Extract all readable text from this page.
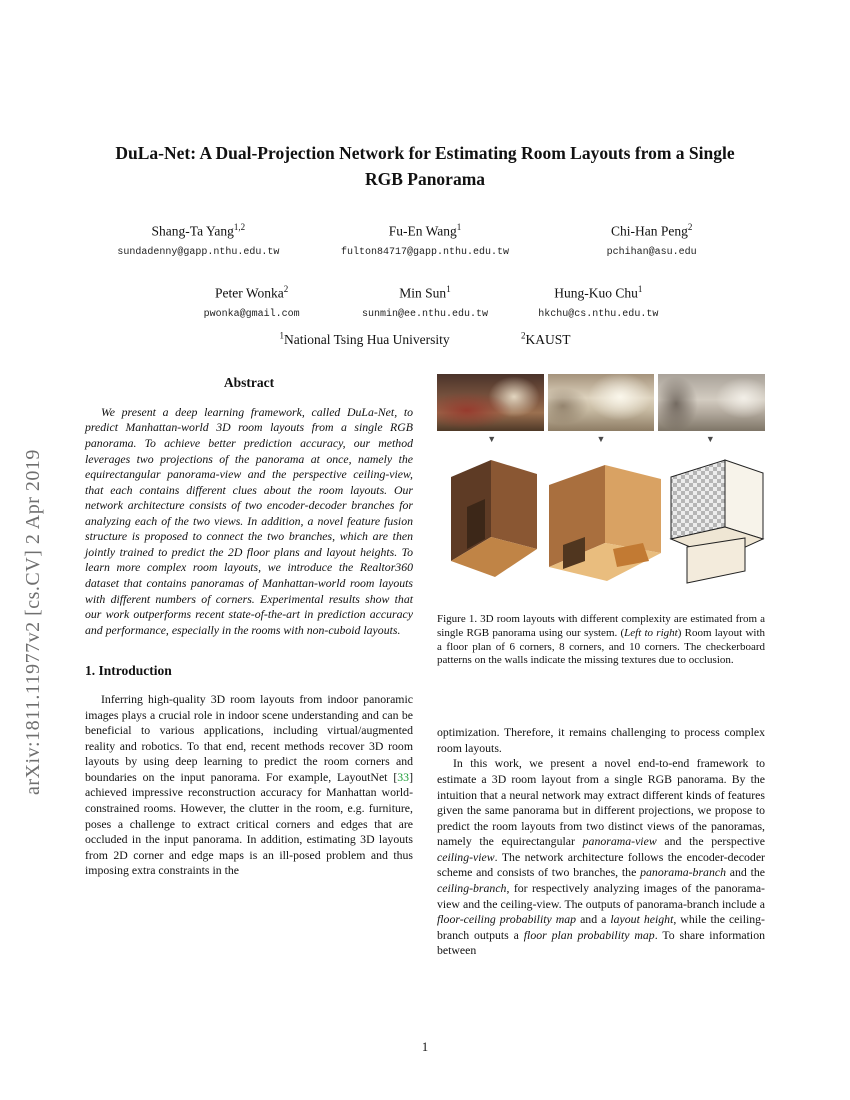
arXiv:1811.11977v2 [cs.CV] 2 Apr 2019
DuLa-Net: A Dual-Projection Network for Estimating Room Layouts from a Single RGB Panorama
Shang-Ta Yang$^{1,2}$
sundadenny@gapp.nthu.edu.tw
Fu-En Wang$^1$
fulton84717@gapp.nthu.edu.tw
Chi-Han Peng$^2$
pchihan@asu.edu
Peter Wonka$^2$
pwonka@gmail.com
Min Sun$^1$
sunmin@ee.nthu.edu.tw
Hung-Kuo Chu$^1$
hkchu@cs.nthu.edu.tw
$^1$National Tsing Hua University	$^2$KAUST
Abstract

We present a deep learning framework, called DuLa-Net, to predict Manhattan-world 3D room layouts from a single RGB panorama. To achieve better prediction accuracy, our method leverages two projections of the panorama at once, namely the equirectangular panorama-view and the perspective ceiling-view, that each contains different clues about the room layouts. Our network architecture consists of two encoder-decoder branches for analyzing each of the two views. In addition, a novel feature fusion structure is proposed to connect the two branches, which are then jointly trained to predict the 2D floor plans and layout heights. To learn more complex room layouts, we introduce the Realtor360 dataset that contains panoramas of Manhattan-world room layouts with different numbers of corners. Experimental results show that our work outperforms recent state-of-the-art in prediction accuracy and performance, especially in the rooms with non-cuboid layouts.

1. Introduction

Inferring high-quality 3D room layouts from indoor panoramic images plays a crucial role in indoor scene understanding and can be beneficial to various applications, including virtual/augmented reality and robotics. To that end, recent methods recover 3D room layouts by using deep learning to predict the room corners and boundaries on the input panorama. For example, LayoutNet [33] achieved impressive reconstruction accuracy for Manhattan world-constrained rooms. However, the clutter in the room, e.g. furniture, poses a challenge to extract critical corners and edges that are occluded in the input panorama. In addition, estimating 3D layouts from 2D corner and edge maps is an ill-posed problem and thus imposing extra constraints in the

▼	▼	▼

Figure 1. 3D room layouts with different complexity are estimated from a single RGB panorama using our system. (Left to right) Room layout with a floor plan of 6 corners, 8 corners, and 10 corners. The checkerboard patterns on the walls indicate the missing textures due to occlusion.

optimization. Therefore, it remains challenging to process complex room layouts.

In this work, we present a novel end-to-end framework to estimate a 3D room layout from a single RGB panorama. By the intuition that a neural network may extract different kinds of features given the same panorama but in different projections, we propose to predict the room layouts from two distinct views of the panoramas, namely the equirectangular panorama-view and the perspective ceiling-view. The network architecture follows the encoder-decoder scheme and consists of two branches, the panorama-branch and the ceiling-branch, for respectively analyzing images of the panorama-view and the ceiling-view. The outputs of panorama-branch include a floor-ceiling probability map and a layout height, while the ceiling-branch outputs a floor plan probability map. To share information between

1
